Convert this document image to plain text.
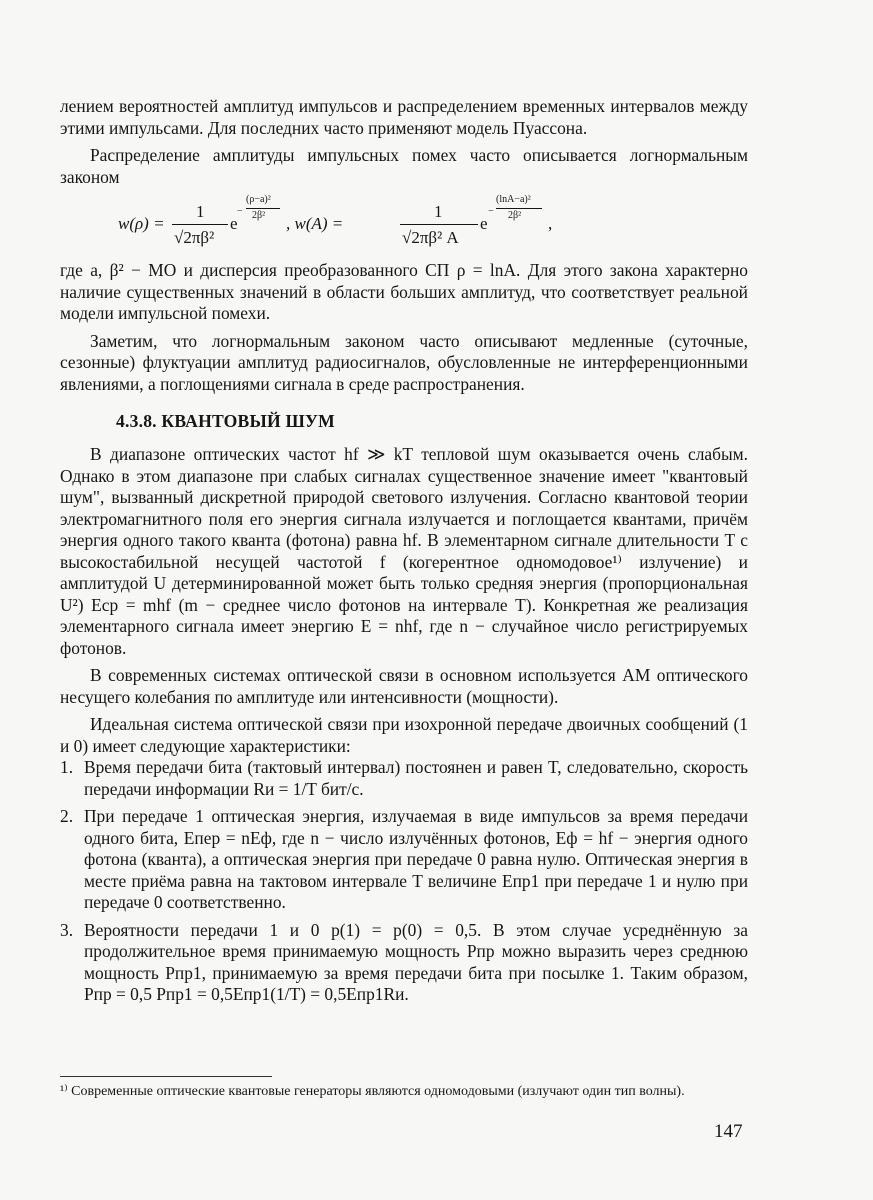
лением вероятностей амплитуд импульсов и распределением временных интервалов между этими импульсами. Для последних часто применяют модель Пуассона.

Распределение амплитуды импульсных помех часто описывается логнормальным законом

w(ρ) =
1
√2πβ²
e
−
(ρ−a)²
2β² , w(A) =
1
√2πβ² A
e
−
(lnA−a)²
2β² ,

где a, β² − МО и дисперсия преобразованного СП ρ = lnA. Для этого закона характерно наличие существенных значений в области больших амплитуд, что соответствует реальной модели импульсной помехи.

Заметим, что логнормальным законом часто описывают медленные (суточные, сезонные) флуктуации амплитуд радиосигналов, обусловленные не интерференционными явлениями, а поглощениями сигнала в среде распространения.

4.3.8. КВАНТОВЫЙ ШУМ

В диапазоне оптических частот hf ≫ kT тепловой шум оказывается очень слабым. Однако в этом диапазоне при слабых сигналах существенное значение имеет "квантовый шум", вызванный дискретной природой светового излучения. Согласно квантовой теории электромагнитного поля его энергия сигнала излучается и поглощается квантами, причём энергия одного такого кванта (фотона) равна hf. В элементарном сигнале длительности T с высокостабильной несущей частотой f (когерентное одномодовое¹⁾ излучение) и амплитудой U детерминированной может быть только средняя энергия (пропорциональная U²) Eср = mhf (m − среднее число фотонов на интервале T). Конкретная же реализация элементарного сигнала имеет энергию E = nhf, где n − случайное число регистрируемых фотонов.

В современных системах оптической связи в основном используется АМ оптического несущего колебания по амплитуде или интенсивности (мощности).

Идеальная система оптической связи при изохронной передаче двоичных сообщений (1 и 0) имеет следующие характеристики:

1. Время передачи бита (тактовый интервал) постоянен и равен T, следовательно, скорость передачи информации Rи = 1/T бит/с.
2. При передаче 1 оптическая энергия, излучаемая в виде импульсов за время передачи одного бита, Eпер = nEф, где n − число излучённых фотонов, Eф = hf − энергия одного фотона (кванта), а оптическая энергия при передаче 0 равна нулю. Оптическая энергия в месте приёма равна на тактовом интервале T величине Eпр1 при передаче 1 и нулю при передаче 0 соответственно.
3. Вероятности передачи 1 и 0 p(1) = p(0) = 0,5. В этом случае усреднённую за продолжительное время принимаемую мощность Pпр можно выразить через среднюю мощность Pпр1, принимаемую за время передачи бита при посылке 1. Таким образом, Pпр = 0,5 Pпр1 = 0,5Eпр1(1/T) = 0,5Eпр1Rи.
¹⁾ Современные оптические квантовые генераторы являются одномодовыми (излучают один тип волны).
147
